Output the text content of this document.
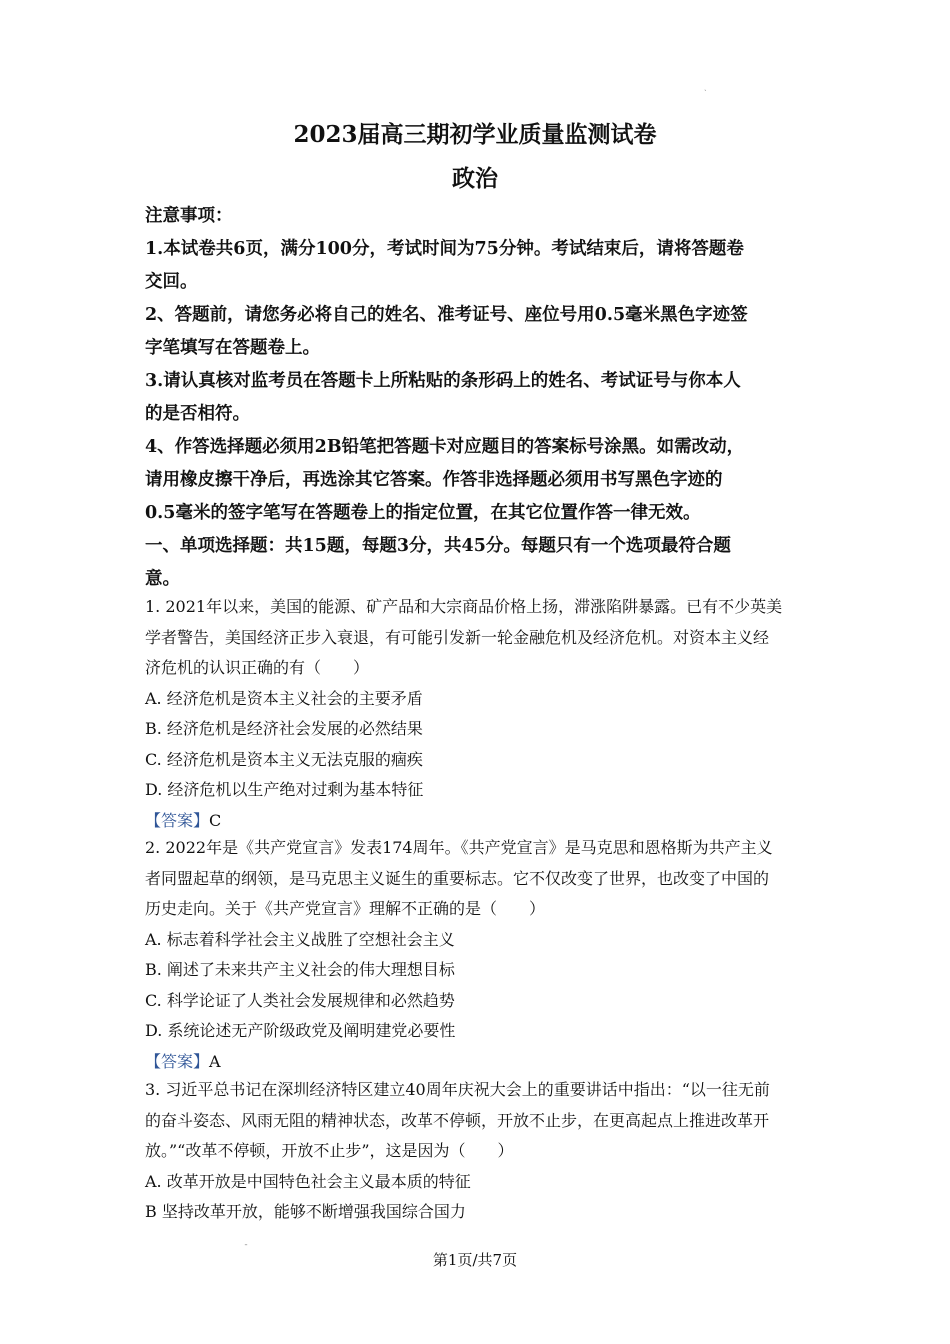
ˎ
2023届高三期初学业质量监测试卷
政治
注意事项：
1.本试卷共6页，满分100分，考试时间为75分钟。考试结束后，请将答题卷
交回。
2、答题前，请您务必将自己的姓名、准考证号、座位号用0.5毫米黑色字迹签
字笔填写在答题卷上。
3.请认真核对监考员在答题卡上所粘贴的条形码上的姓名、考试证号与你本人
的是否相符。
4、作答选择题必须用2B铅笔把答题卡对应题目的答案标号涂黑。如需改动，
请用橡皮擦干净后，再选涂其它答案。作答非选择题必须用书写黑色字迹的
0.5毫米的签字笔写在答题卷上的指定位置，在其它位置作答一律无效。
一、单项选择题：共15题，每题3分，共45分。每题只有一个选项最符合题
意。
1. 2021年以来，美国的能源、矿产品和大宗商品价格上扬，滞涨陷阱暴露。已有不少英美
学者警告，美国经济正步入衰退，有可能引发新一轮金融危机及经济危机。对资本主义经
济危机的认识正确的有（　　）
A. 经济危机是资本主义社会的主要矛盾
B. 经济危机是经济社会发展的必然结果
C. 经济危机是资本主义无法克服的痼疾
D. 经济危机以生产绝对过剩为基本特征
【答案】C
2. 2022年是《共产党宣言》发表174周年。《共产党宣言》是马克思和恩格斯为共产主义
者同盟起草的纲领，是马克思主义诞生的重要标志。它不仅改变了世界，也改变了中国的
历史走向。关于《共产党宣言》理解不正确的是（　　）
A. 标志着科学社会主义战胜了空想社会主义
B. 阐述了未来共产主义社会的伟大理想目标
C. 科学论证了人类社会发展规律和必然趋势
D. 系统论述无产阶级政党及阐明建党必要性
【答案】A
3. 习近平总书记在深圳经济特区建立40周年庆祝大会上的重要讲话中指出：“以一往无前
的奋斗姿态、风雨无阻的精神状态，改革不停顿，开放不止步，在更高起点上推进改革开
放。”“改革不停顿，开放不止步”，这是因为（　　）
A. 改革开放是中国特色社会主义最本质的特征
B 坚持改革开放，能够不断增强我国综合国力
ˉ
第1页/共7页
